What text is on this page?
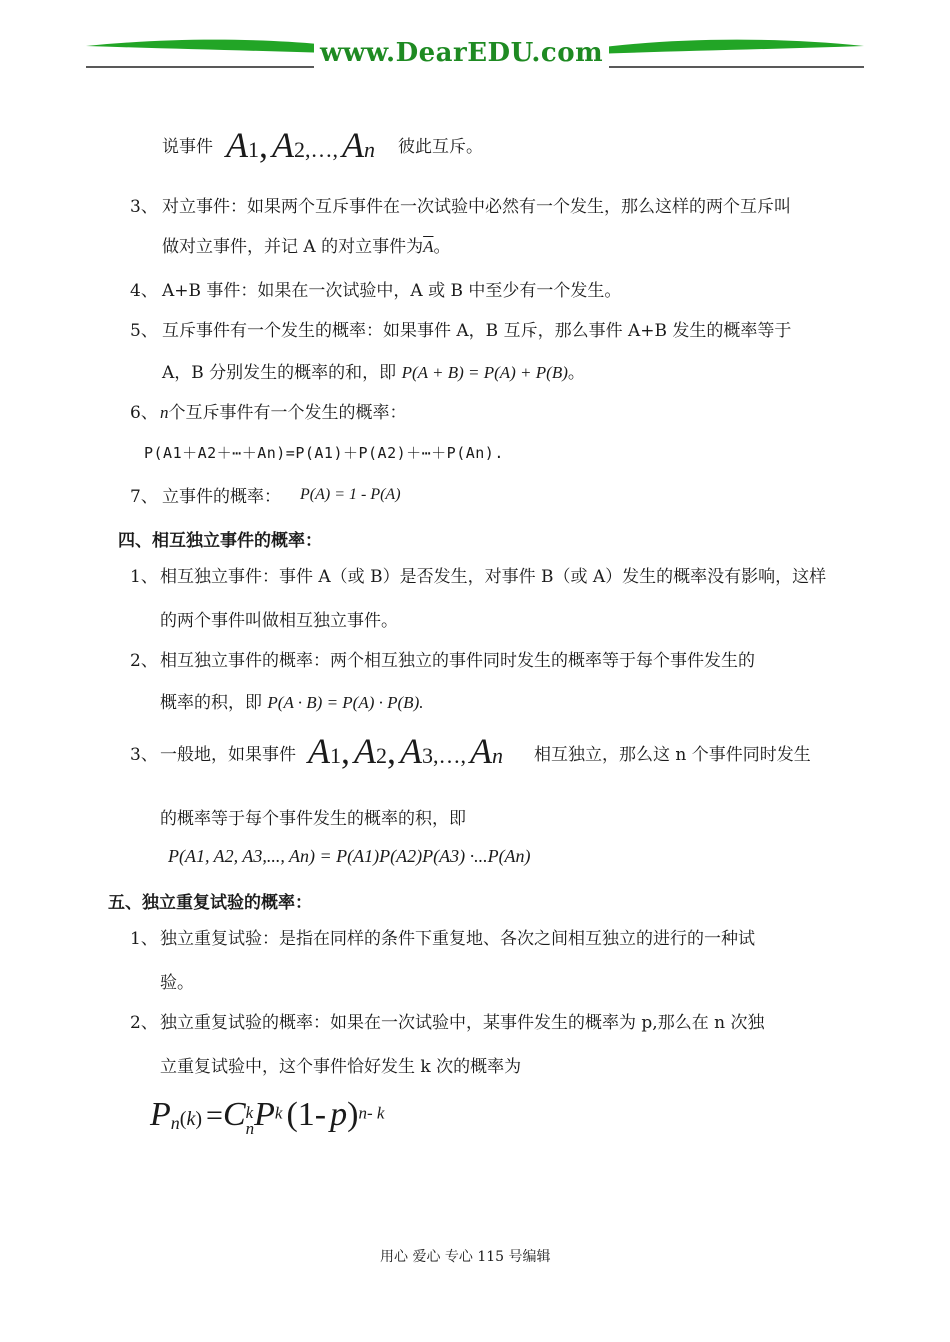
www.DearEDU.com
说事件 A1, A2,…, An 彼此互斥。
3、 对立事件：如果两个互斥事件在一次试验中必然有一个发生，那么这样的两个互斥叫
做对立事件，并记 A 的对立事件为$\overline{A}$。
4、 A+B 事件：如果在一次试验中，A 或 B 中至少有一个发生。
5、 互斥事件有一个发生的概率：如果事件 A，B 互斥，那么事件 A+B 发生的概率等于
A，B 分别发生的概率的和，即 P(A + B) = P(A) + P(B)。
6、 n个互斥事件有一个发生的概率：
P(A1＋A2＋⋯＋An)=P(A1)＋P(A2)＋⋯＋P(An).
7、 立事件的概率： P(A) = 1 - P(A)
四、相互独立事件的概率：
1、 相互独立事件：事件 A（或 B）是否发生，对事件 B（或 A）发生的概率没有影响，这样
的两个事件叫做相互独立事件。
2、 相互独立事件的概率：两个相互独立的事件同时发生的概率等于每个事件发生的
概率的积，即 P(A · B) = P(A) · P(B).
3、 一般地，如果事件 A1, A2, A3,…, An 相互独立，那么这 n 个事件同时发生
的概率等于每个事件发生的概率的积，即
P(A1, A2, A3,..., An) = P(A1)P(A2)P(A3) ·...P(An)
五、独立重复试验的概率：
1、 独立重复试验：是指在同样的条件下重复地、各次之间相互独立的进行的一种试
验。
2、 独立重复试验的概率：如果在一次试验中，某事件发生的概率为 p,那么在 n 次独
立重复试验中，这个事件恰好发生 k 次的概率为
$P_n(k) =C$ k
n $P^k$ (1- p)$^{n- k}$
用心 爱心 专心 115 号编辑
